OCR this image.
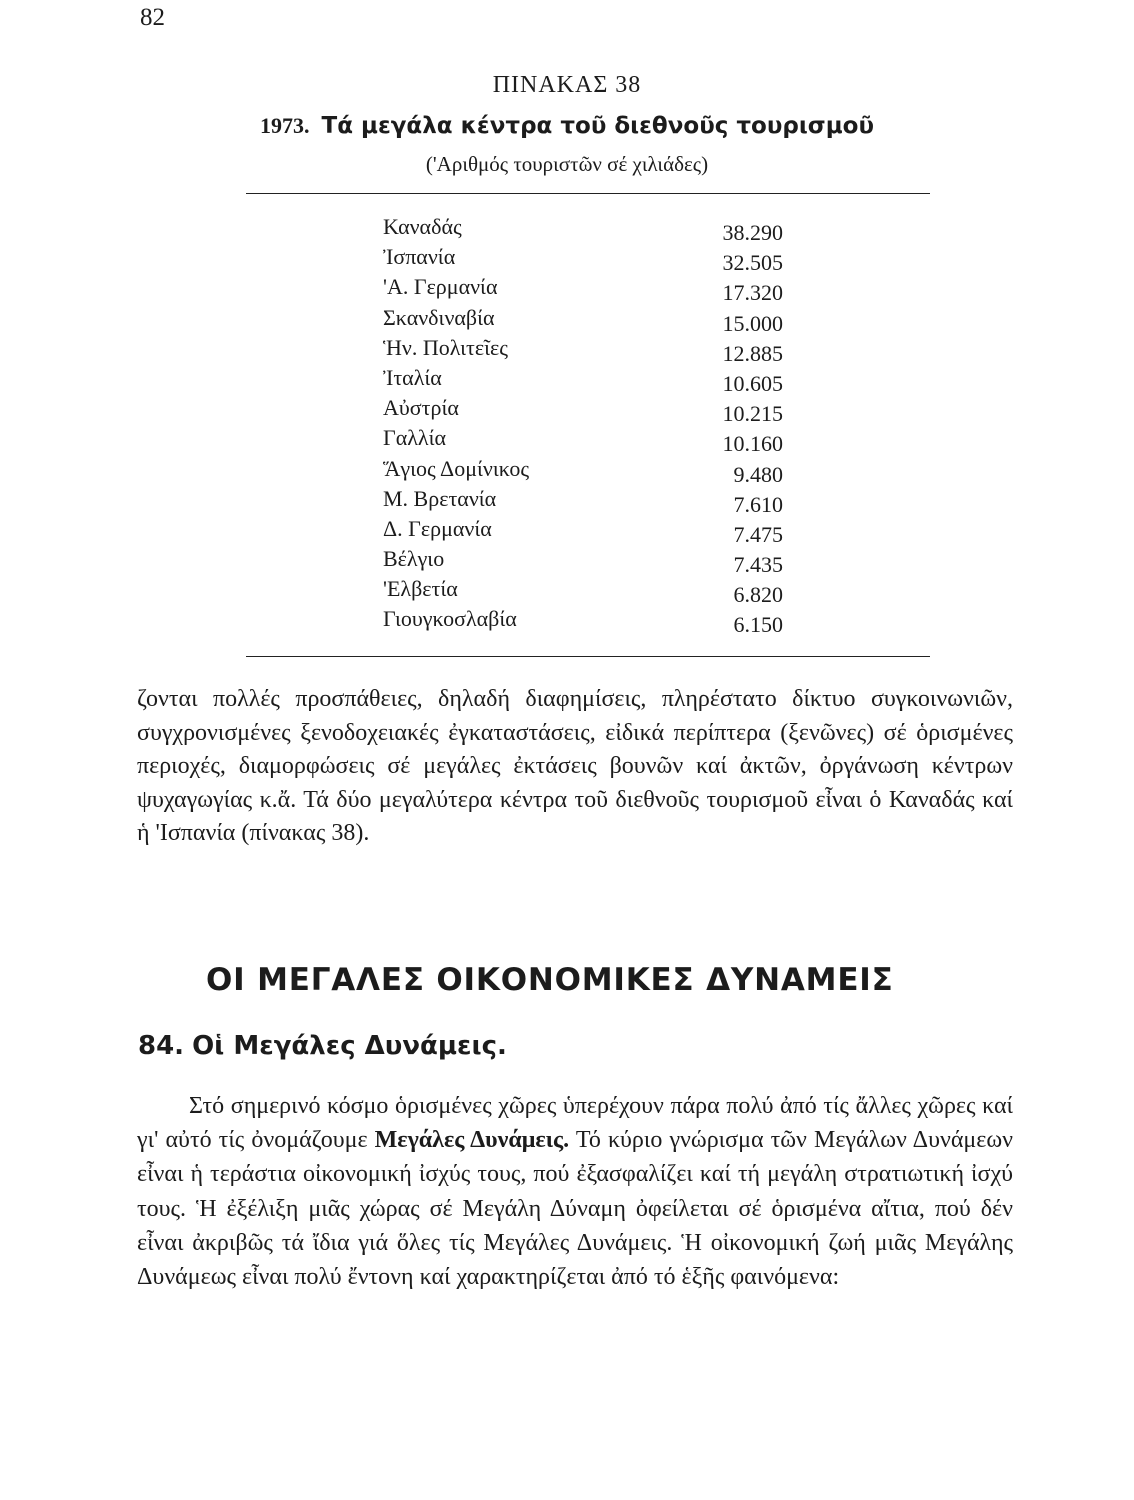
82
ΠΙΝΑΚΑΣ 38
1973. Τά μεγάλα κέντρα τοῦ διεθνοῦς τουρισμοῦ
('Αριθμός τουριστῶν σέ χιλιάδες)
Καναδάς	38.290
Ἰσπανία	32.505
'Α. Γερμανία	17.320
Σκανδιναβία	15.000
Ἡν. Πολιτεῖες	12.885
Ἰταλία	10.605
Αὐστρία	10.215
Γαλλία	10.160
Ἅγιος Δομίνικος	9.480
Μ. Βρετανία	7.610
Δ. Γερμανία	7.475
Βέλγιο	7.435
'Ελβετία	6.820
Γιουγκοσλαβία	6.150

ζονται πολλές προσπάθειες, δηλαδή διαφημίσεις, πληρέστατο δίκτυο συγκοινωνιῶν, συγχρονισμένες ξενοδοχειακές ἐγκαταστάσεις, εἰδικά περίπτερα (ξενῶνες) σέ ὁρισμένες περιοχές, διαμορφώσεις σέ μεγάλες ἐκτάσεις βουνῶν καί ἀκτῶν, ὀργάνωση κέντρων ψυχαγωγίας κ.ἄ. Τά δύο μεγαλύτερα κέντρα τοῦ διεθνοῦς τουρισμοῦ εἶναι ὁ Καναδάς καί ἡ 'Ισπανία (πίνακας 38).

ΟΙ ΜΕΓΑΛΕΣ ΟΙΚΟΝΟΜΙΚΕΣ ΔΥΝΑΜΕΙΣ
84. Οἱ Μεγάλες Δυνάμεις.

Στό σημερινό κόσμο ὁρισμένες χῶρες ὑπερέχουν πάρα πολύ ἀπό τίς ἄλλες χῶρες καί γι' αὐτό τίς ὀνομάζουμε Μεγάλες Δυνάμεις. Τό κύριο γνώρισμα τῶν Μεγάλων Δυνάμεων εἶναι ἡ τεράστια οἰκονομική ἰσχύς τους, πού ἐξασφαλίζει καί τή μεγάλη στρατιωτική ἰσχύ τους. Ἡ ἐξέλιξη μιᾶς χώρας σέ Μεγάλη Δύναμη ὀφείλεται σέ ὁρισμένα αἴτια, πού δέν εἶναι ἀκριβῶς τά ἴδια γιά ὅλες τίς Μεγάλες Δυνάμεις. Ἡ οἰκονομική ζωή μιᾶς Μεγάλης Δυνάμεως εἶναι πολύ ἔντονη καί χαρακτηρίζεται ἀπό τό ἑξῆς φαινόμενα:
